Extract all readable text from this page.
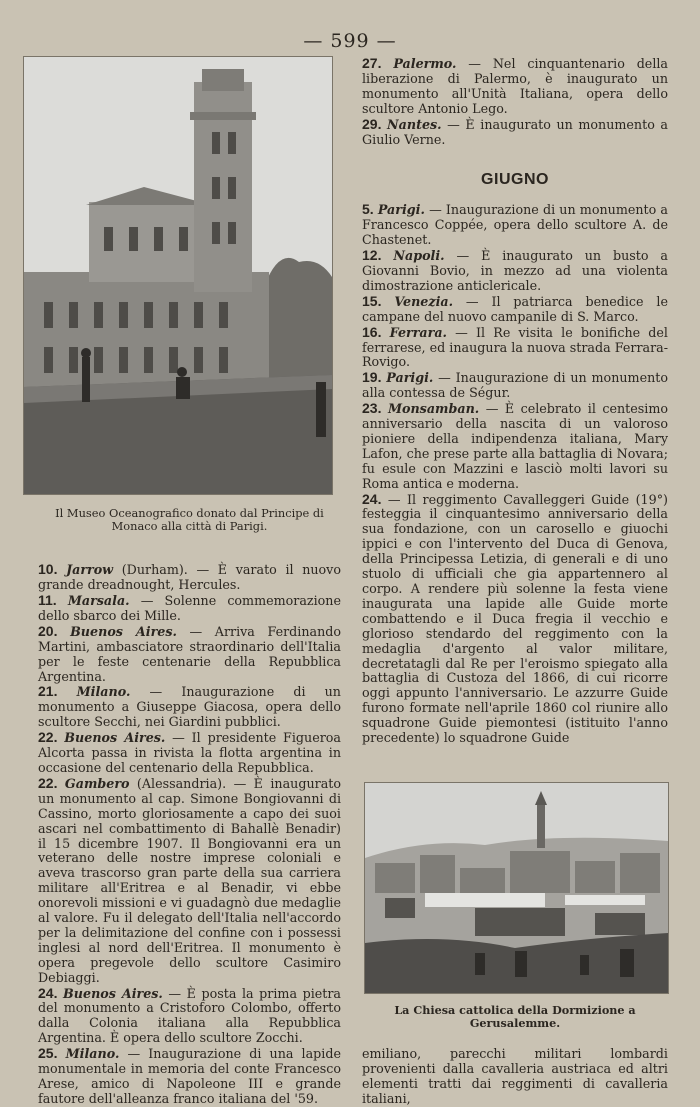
— 599 —
Il Museo Oceanografico donato dal Principe di Monaco alla città di Parigi.

10. Jarrow (Durham). — È varato il nuovo grande dreadnought, Hercules.

11. Marsala. — Solenne commemorazione dello sbarco dei Mille.

20. Buenos Aires. — Arriva Ferdinando Martini, ambasciatore straordinario dell'Italia per le feste centenarie della Repubblica Argentina.

21. Milano. — Inaugurazione di un monumento a Giuseppe Giacosa, opera dello scultore Secchi, nei Giardini pubblici.

22. Buenos Aires. — Il presidente Figueroa Alcorta passa in rivista la flotta argentina in occasione del centenario della Repubblica.

22. Gambero (Alessandria). — È inaugurato un monumento al cap. Simone Bongiovanni di Cassino, morto gloriosamente a capo dei suoi ascari nel combattimento di Bahallè Benadir) il 15 dicembre 1907. Il Bongiovanni era un veterano delle nostre imprese coloniali e aveva trascorso gran parte della sua carriera militare all'Eritrea e al Benadir, vi ebbe onorevoli missioni e vi guadagnò due medaglie al valore. Fu il delegato dell'Italia nell'accordo per la delimitazione del confine con i possessi inglesi al nord dell'Eritrea. Il monumento è opera pregevole dello scultore Casimiro Debiaggi.

24. Buenos Aires. — È posta la prima pietra del monumento a Cristoforo Colombo, offerto dalla Colonia italiana alla Repubblica Argentina. È opera dello scultore Zocchi.

25. Milano. — Inaugurazione di una lapide monumentale in memoria del conte Francesco Arese, amico di Napoleone III e grande fautore dell'alleanza franco italiana del '59.

27. Palermo. — Nel cinquantenario della liberazione di Palermo, è inaugurato un monumento all'Unità Italiana, opera dello scultore Antonio Lego.

29. Nantes. — È inaugurato un monumento a Giulio Verne.

GIUGNO

5. Parigi. — Inaugurazione di un monumento a Francesco Coppée, opera dello scultore A. de Chastenet.

12. Napoli. — È inaugurato un busto a Giovanni Bovio, in mezzo ad una violenta dimostrazione anticlericale.

15. Venezia. — Il patriarca benedice le campane del nuovo campanile di S. Marco.

16. Ferrara. — Il Re visita le bonifiche del ferrarese, ed inaugura la nuova strada Ferrara-Rovigo.

19. Parigi. — Inaugurazione di un monumento alla contessa de Ségur.

23. Monsamban. — È celebrato il centesimo anniversario della nascita di un valoroso pioniere della indipendenza italiana, Mary Lafon, che prese parte alla battaglia di Novara; fu esule con Mazzini e lasciò molti lavori su Roma antica e moderna.

24. — Il reggimento Cavalleggeri Guide (19°) festeggia il cinquantesimo anniversario della sua fondazione, con un carosello e giuochi ippici e con l'intervento del Duca di Genova, della Principessa Letizia, di generali e di uno stuolo di ufficiali che gia appartennero al corpo. A rendere più solenne la festa viene inaugurata una lapide alle Guide morte combattendo e il Duca fregia il vecchio e glorioso stendardo del reggimento con la medaglia d'argento al valor militare, decretatagli dal Re per l'eroismo spiegato alla battaglia di Custoza del 1866, di cui ricorre oggi appunto l'anniversario. Le azzurre Guide furono formate nell'aprile 1860 col riunire allo squadrone Guide piemontesi (istituito l'anno precedente) lo squadrone Guide

La Chiesa cattolica della Dormizione a Gerusalemme.

emiliano, parecchi militari lombardi provenienti dalla cavalleria austriaca ed altri elementi tratti dai reggimenti di cavalleria italiani,
